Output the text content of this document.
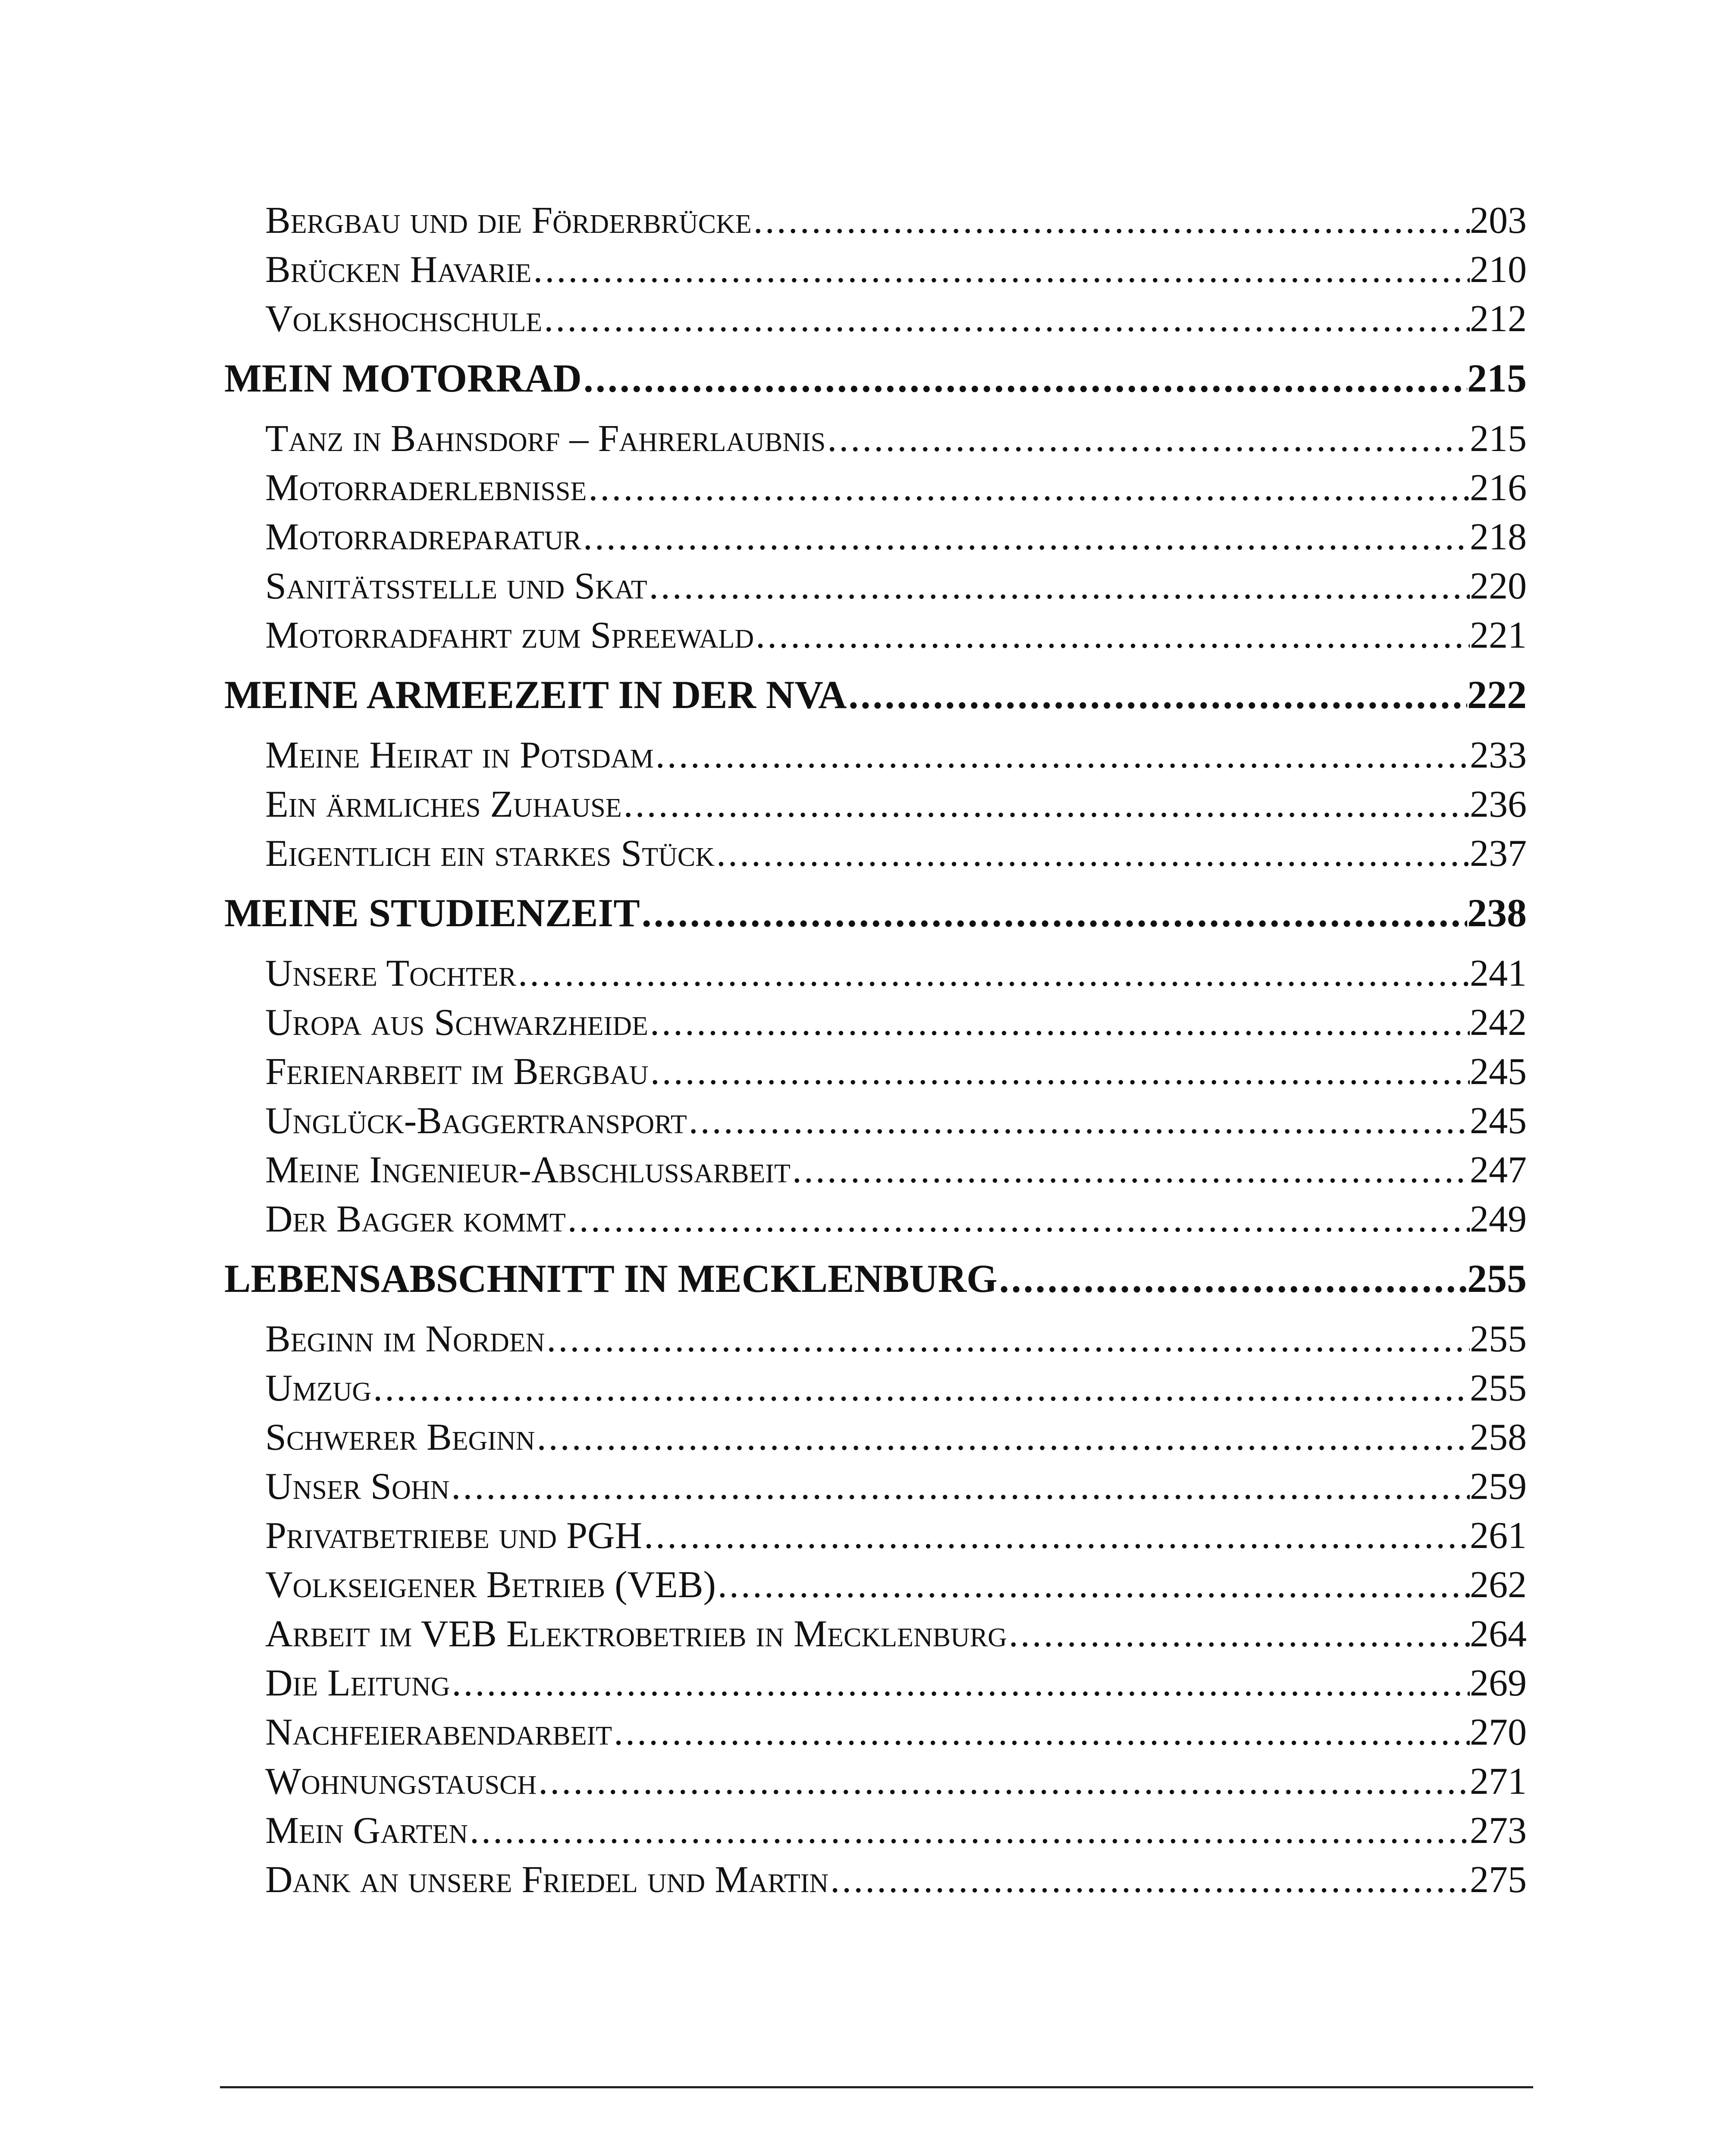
Bergbau und die Förderbrücke .....	203
Brücken Havarie .....	210
Volkshochschule .....	212
MEIN MOTORRAD .....	215
Tanz in Bahnsdorf – Fahrerlaubnis .....	215
Motorraderlebnisse .....	216
Motorradreparatur .....	218
Sanitätsstelle und Skat .....	220
Motorradfahrt zum Spreewald .....	221
MEINE ARMEEZEIT IN DER NVA .....	222
Meine Heirat in Potsdam .....	233
Ein ärmliches Zuhause .....	236
Eigentlich ein starkes Stück .....	237
MEINE STUDIENZEIT .....	238
Unsere Tochter .....	241
Uropa aus Schwarzheide .....	242
Ferienarbeit im Bergbau .....	245
Unglück-Baggertransport .....	245
Meine Ingenieur-Abschlussarbeit .....	247
Der Bagger kommt .....	249
LEBENSABSCHNITT IN MECKLENBURG .....	255
Beginn im Norden .....	255
Umzug .....	255
Schwerer Beginn .....	258
Unser Sohn .....	259
Privatbetriebe und PGH .....	261
Volkseigener Betrieb (VEB) .....	262
Arbeit im VEB Elektrobetrieb in Mecklenburg .....	264
Die Leitung .....	269
Nachfeierabendarbeit .....	270
Wohnungstausch .....	271
Mein Garten .....	273
Dank an unsere Friedel und Martin .....	275
